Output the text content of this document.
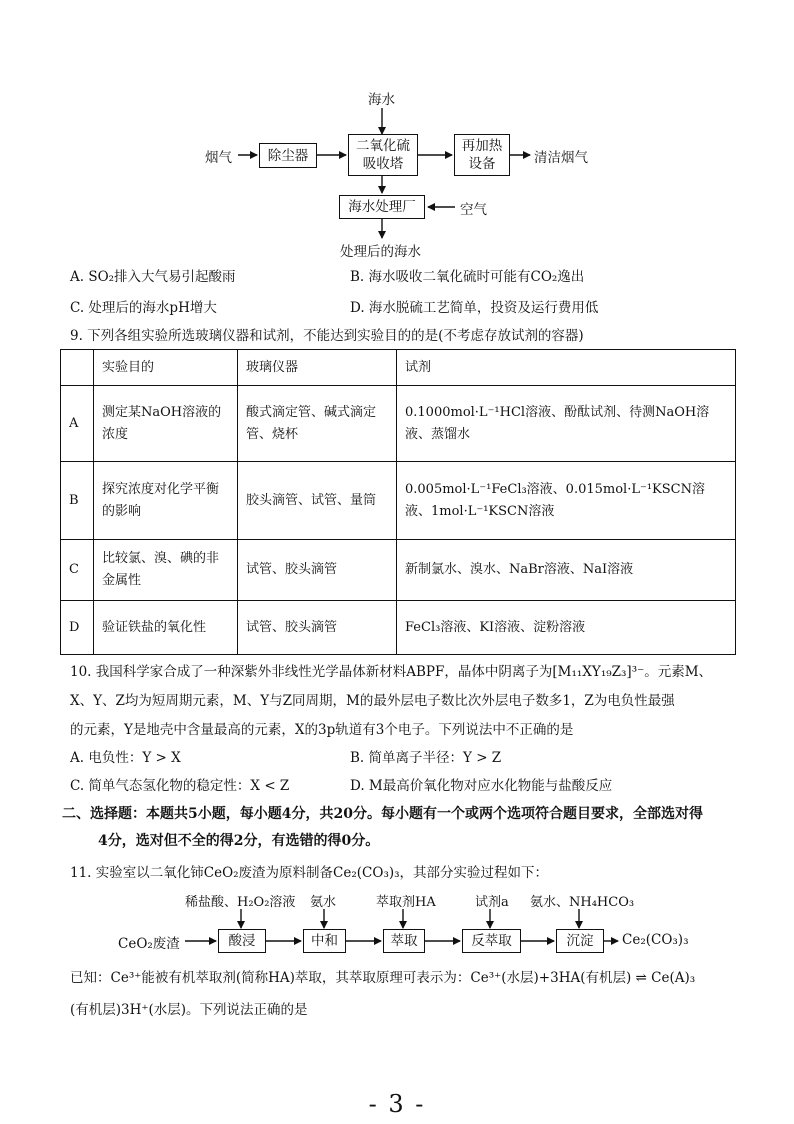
海水
烟气	除尘器
二氧化硫
吸收塔
再加热
设备	清洁烟气
海水处理厂	空气
处理后的海水
A. SO₂排入大气易引起酸雨	B. 海水吸收二氧化硫时可能有CO₂逸出
C. 处理后的海水pH增大	D. 海水脱硫工艺简单，投资及运行费用低
9. 下列各组实验所选玻璃仪器和试剂，不能达到实验目的的是(不考虑存放试剂的容器)
	实验目的	玻璃仪器	试剂
A	测定某NaOH溶液的浓度	酸式滴定管、碱式滴定管、烧杯	0.1000mol·L⁻¹HCl溶液、酚酞试剂、待测NaOH溶液、蒸馏水
B	探究浓度对化学平衡的影响	胶头滴管、试管、量筒	0.005mol·L⁻¹FeCl₃溶液、0.015mol·L⁻¹KSCN溶液、1mol·L⁻¹KSCN溶液
C	比较氯、溴、碘的非金属性	试管、胶头滴管	新制氯水、溴水、NaBr溶液、NaI溶液
D	验证铁盐的氧化性	试管、胶头滴管	FeCl₃溶液、KI溶液、淀粉溶液
10. 我国科学家合成了一种深紫外非线性光学晶体新材料ABPF，晶体中阴离子为[M₁₁XY₁₉Z₃]³⁻。元素M、
X、Y、Z均为短周期元素，M、Y与Z同周期，M的最外层电子数比次外层电子数多1，Z为电负性最强
的元素，Y是地壳中含量最高的元素，X的3p轨道有3个电子。下列说法中不正确的是
A. 电负性：Y > X	B. 简单离子半径：Y > Z
C. 简单气态氢化物的稳定性：X < Z	D. M最高价氧化物对应水化物能与盐酸反应
二、选择题：本题共5小题，每小题4分，共20分。每小题有一个或两个选项符合题目要求，全部选对得
4分，选对但不全的得2分，有选错的得0分。
11. 实验室以二氧化铈CeO₂废渣为原料制备Ce₂(CO₃)₃，其部分实验过程如下：
稀盐酸、H₂O₂溶液 氨水	萃取剂HA	试剂a 氨水、NH₄HCO₃
CeO₂废渣	酸浸	中和	萃取	反萃取	沉淀 Ce₂(CO₃)₃
已知：Ce³⁺能被有机萃取剂(简称HA)萃取，其萃取原理可表示为：Ce³⁺(水层)+3HA(有机层) ⇌ Ce(A)₃
(有机层)3H⁺(水层)。下列说法正确的是
- 3 -
